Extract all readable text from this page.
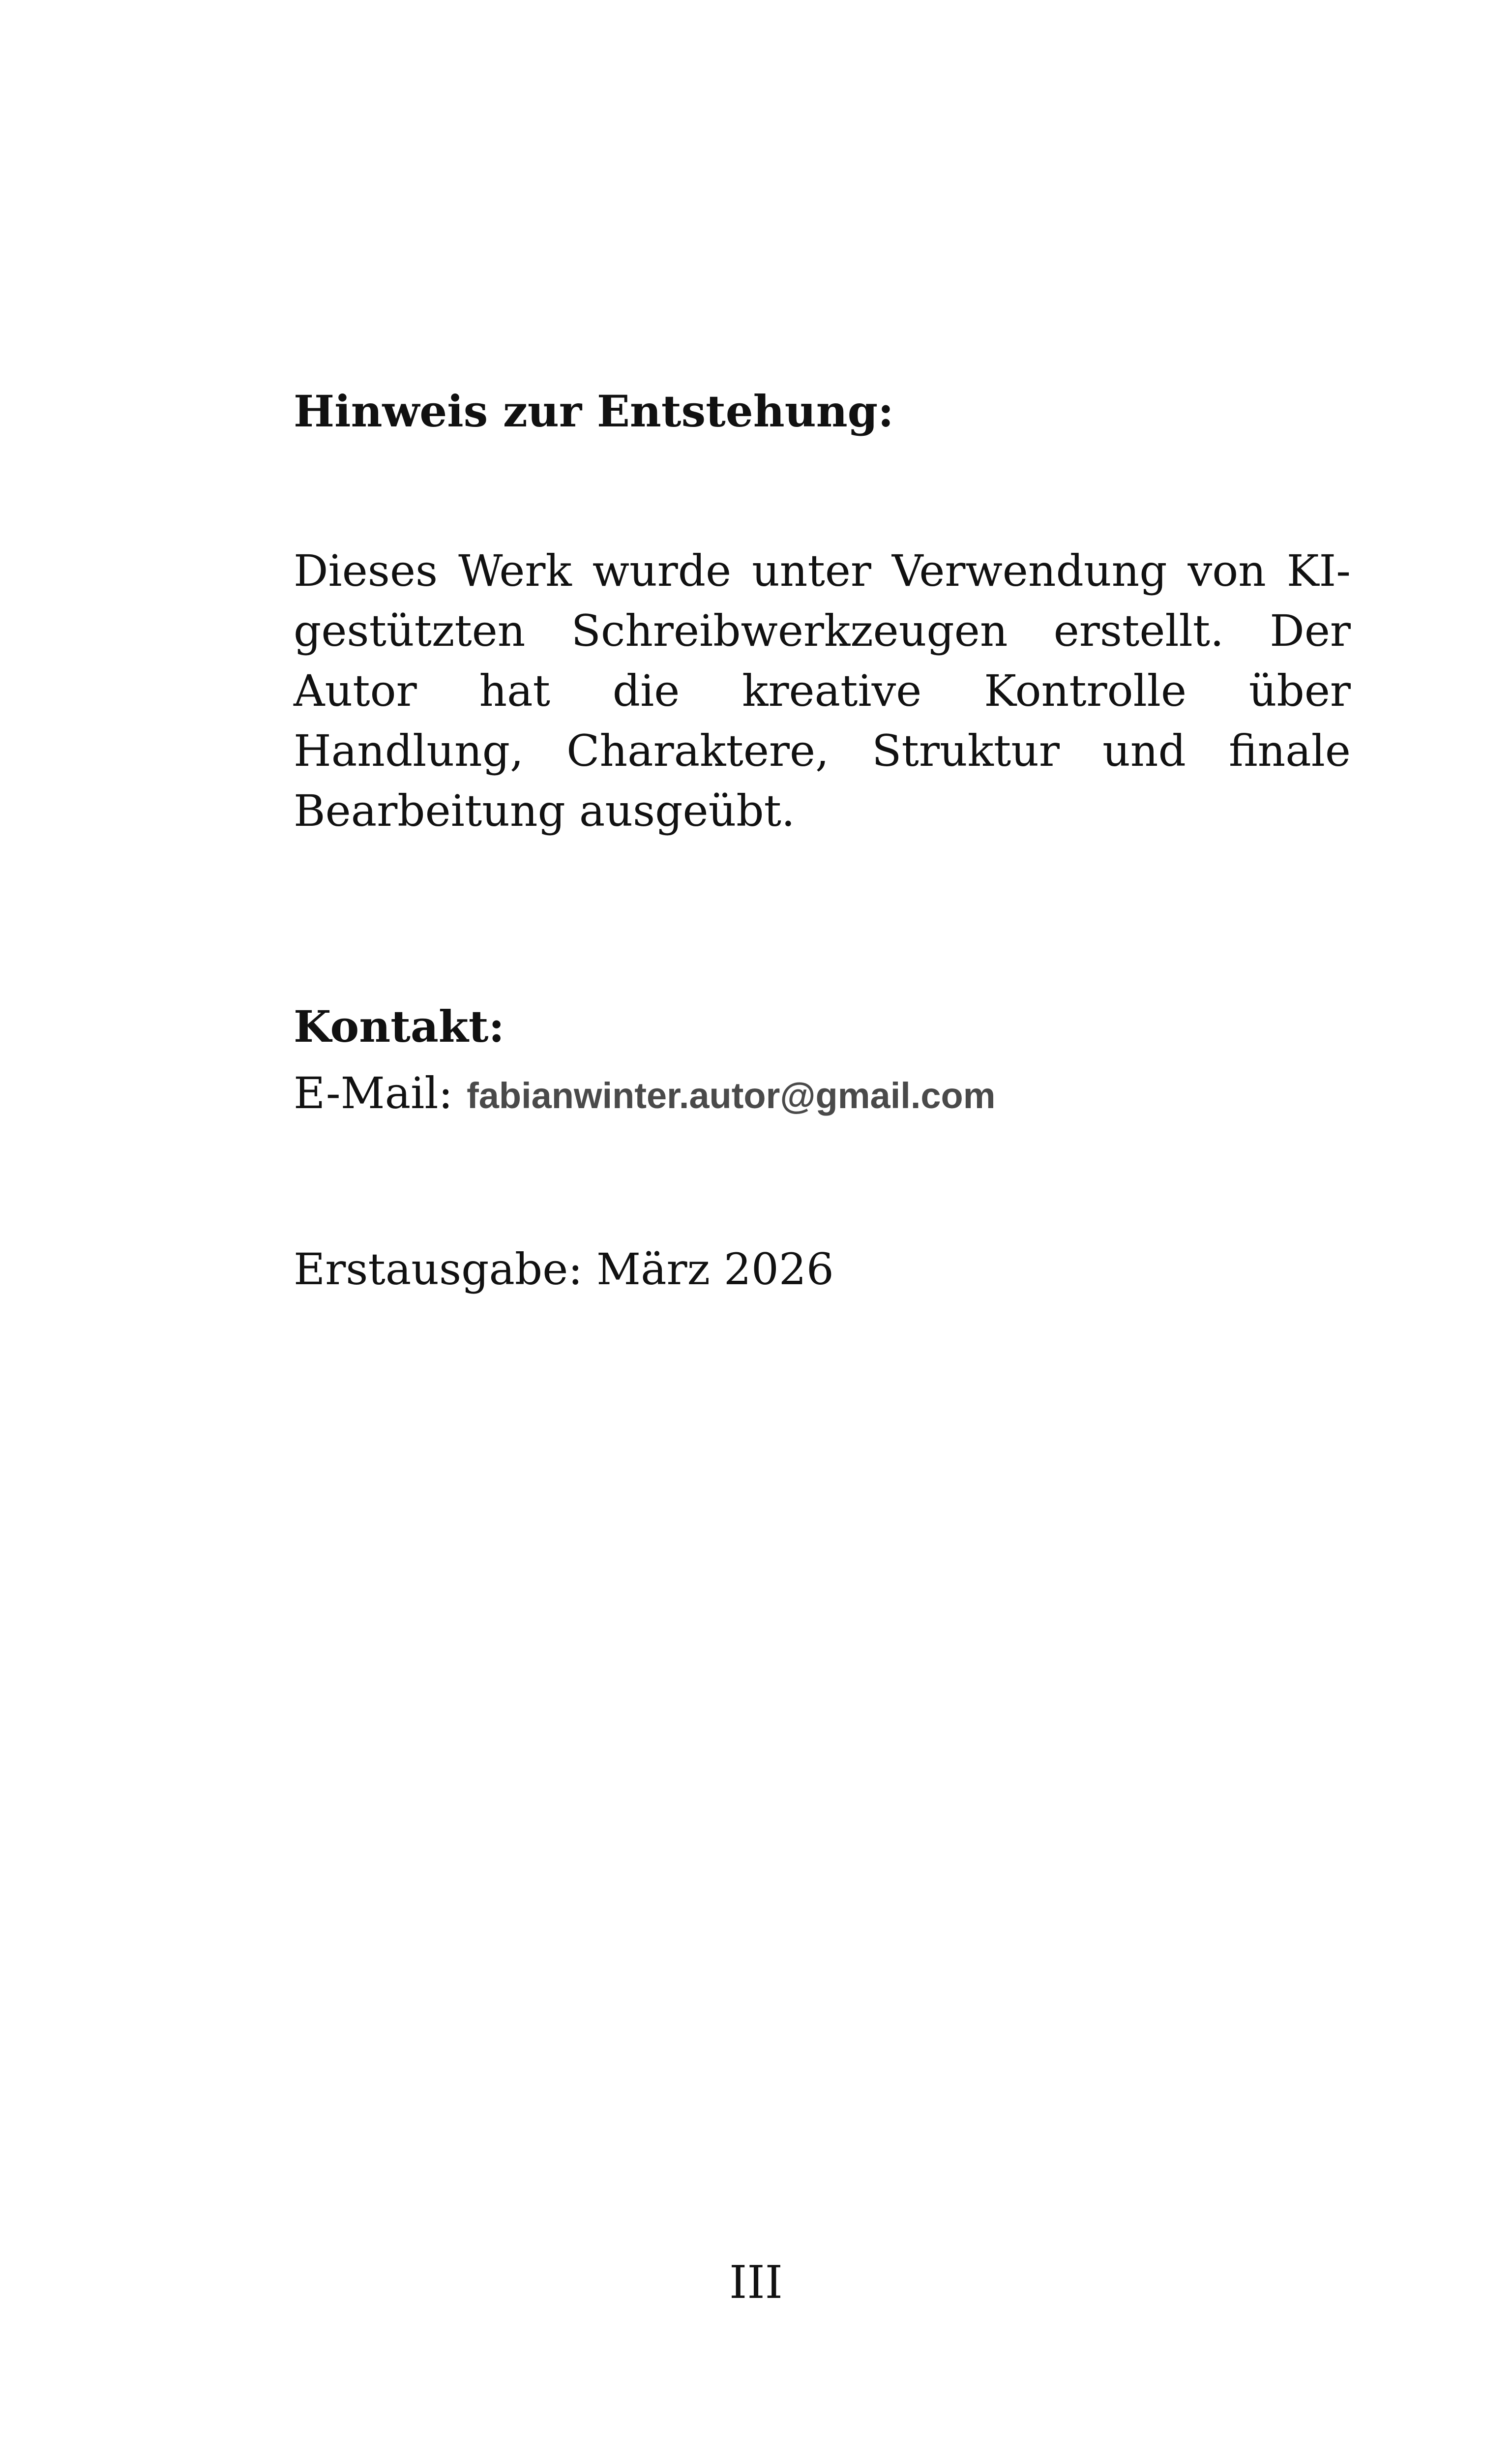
Hinweis zur Entstehung:

Dieses Werk wurde unter Verwendung von KI-gestützten Schreibwerkzeugen erstellt. Der Autor hat die kreative Kontrolle über Handlung, Charaktere, Struktur und finale Bearbeitung ausgeübt.

Kontakt:
E-Mail: fabianwinter.autor@gmail.com
Erstausgabe: März 2026
III
